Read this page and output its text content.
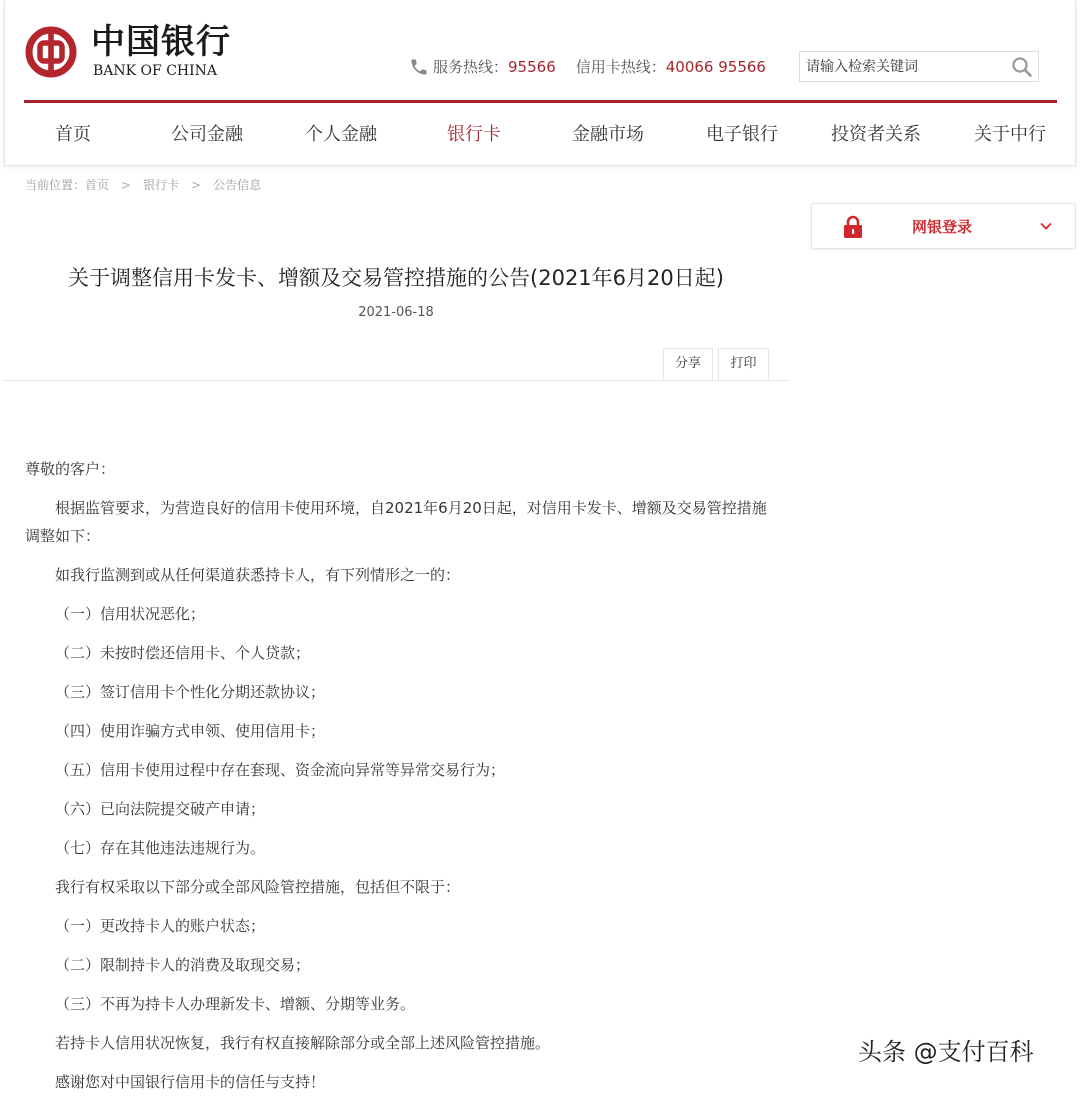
中国银行
BANK OF CHINA	服务热线： 95566 信用卡热线： 40066 95566
请输入检索关键词
首页	公司金融	个人金融	银行卡	金融市场	电子银行	投资者关系	关于中行
当前位置：首页 > 银行卡 > 公告信息
网银登录
关于调整信用卡发卡、增额及交易管控措施的公告(2021年6月20日起)
2021-06-18
分享	打印

尊敬的客户：

根据监管要求，为营造良好的信用卡使用环境，自2021年6月20日起，对信用卡发卡、增额及交易管控措施调整如下：

如我行监测到或从任何渠道获悉持卡人，有下列情形之一的：

（一）信用状况恶化；

（二）未按时偿还信用卡、个人贷款；

（三）签订信用卡个性化分期还款协议；

（四）使用诈骗方式申领、使用信用卡；

（五）信用卡使用过程中存在套现、资金流向异常等异常交易行为；

（六）已向法院提交破产申请；

（七）存在其他违法违规行为。

我行有权采取以下部分或全部风险管控措施，包括但不限于：

（一）更改持卡人的账户状态；

（二）限制持卡人的消费及取现交易；

（三）不再为持卡人办理新发卡、增额、分期等业务。

若持卡人信用状况恢复，我行有权直接解除部分或全部上述风险管控措施。

感谢您对中国银行信用卡的信任与支持！

头条 @支付百科
